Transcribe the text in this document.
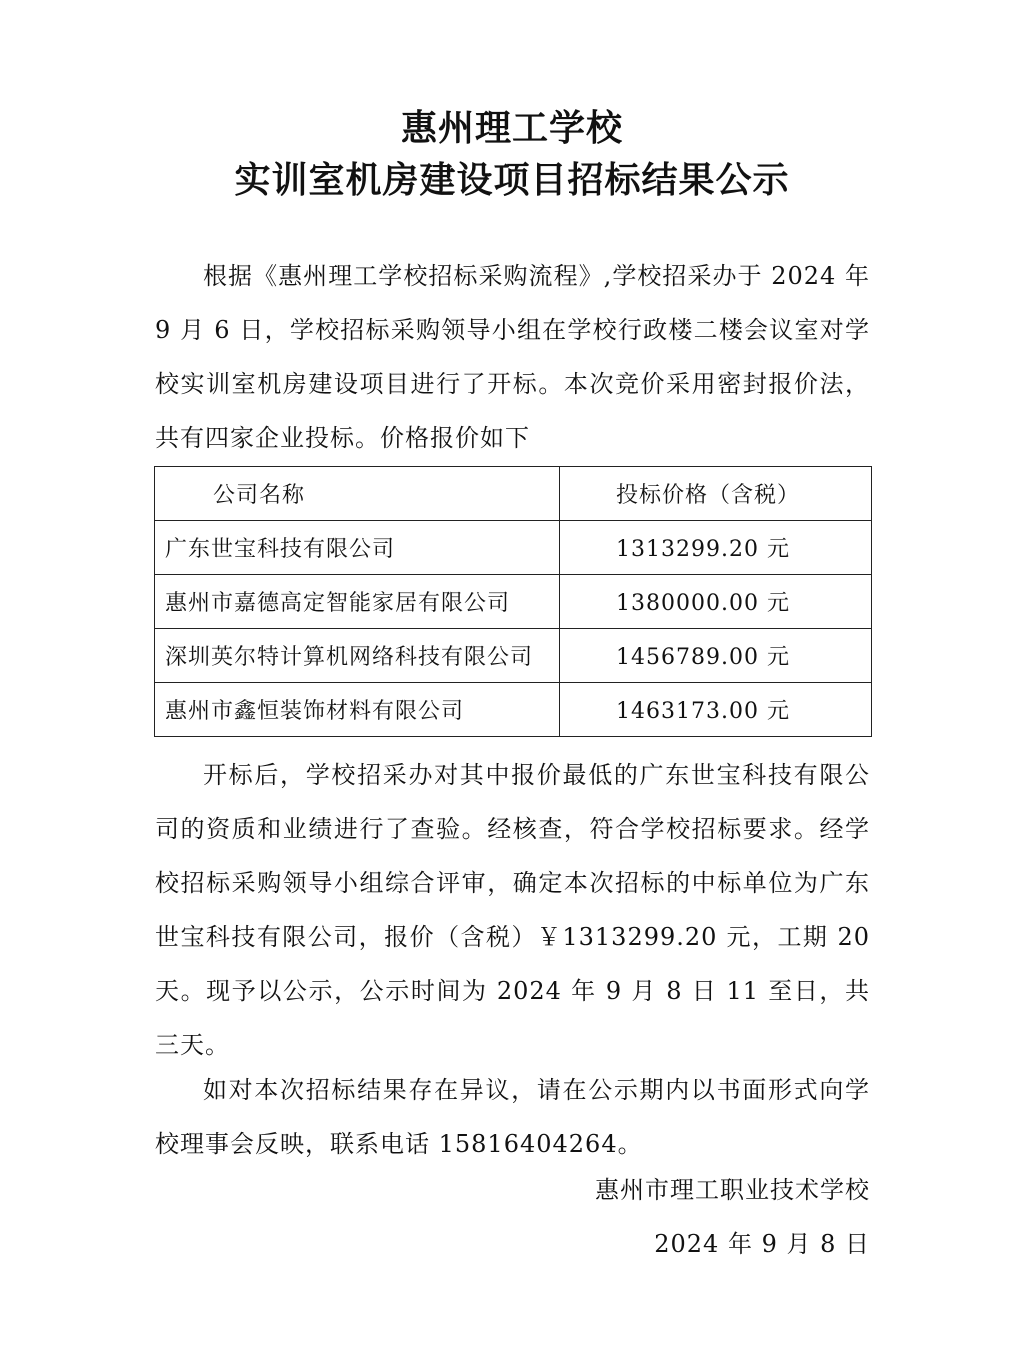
惠州理工学校
实训室机房建设项目招标结果公示

根据《惠州理工学校招标采购流程》,学校招采办于 2024 年 9 月 6 日，学校招标采购领导小组在学校行政楼二楼会议室对学校实训室机房建设项目进行了开标。本次竞价采用密封报价法，共有四家企业投标。价格报价如下

公司名称	投标价格（含税）
广东世宝科技有限公司	1313299.20 元
惠州市嘉德高定智能家居有限公司	1380000.00 元
深圳英尔特计算机网络科技有限公司	1456789.00 元
惠州市鑫恒装饰材料有限公司	1463173.00 元

开标后，学校招采办对其中报价最低的广东世宝科技有限公司的资质和业绩进行了查验。经核查，符合学校招标要求。经学校招标采购领导小组综合评审，确定本次招标的中标单位为广东世宝科技有限公司，报价（含税）￥1313299.20 元，工期 20 天。现予以公示，公示时间为 2024 年 9 月 8 日 11 至日，共三天。

如对本次招标结果存在异议，请在公示期内以书面形式向学校理事会反映，联系电话 15816404264。

惠州市理工职业技术学校
2024 年 9 月 8 日
